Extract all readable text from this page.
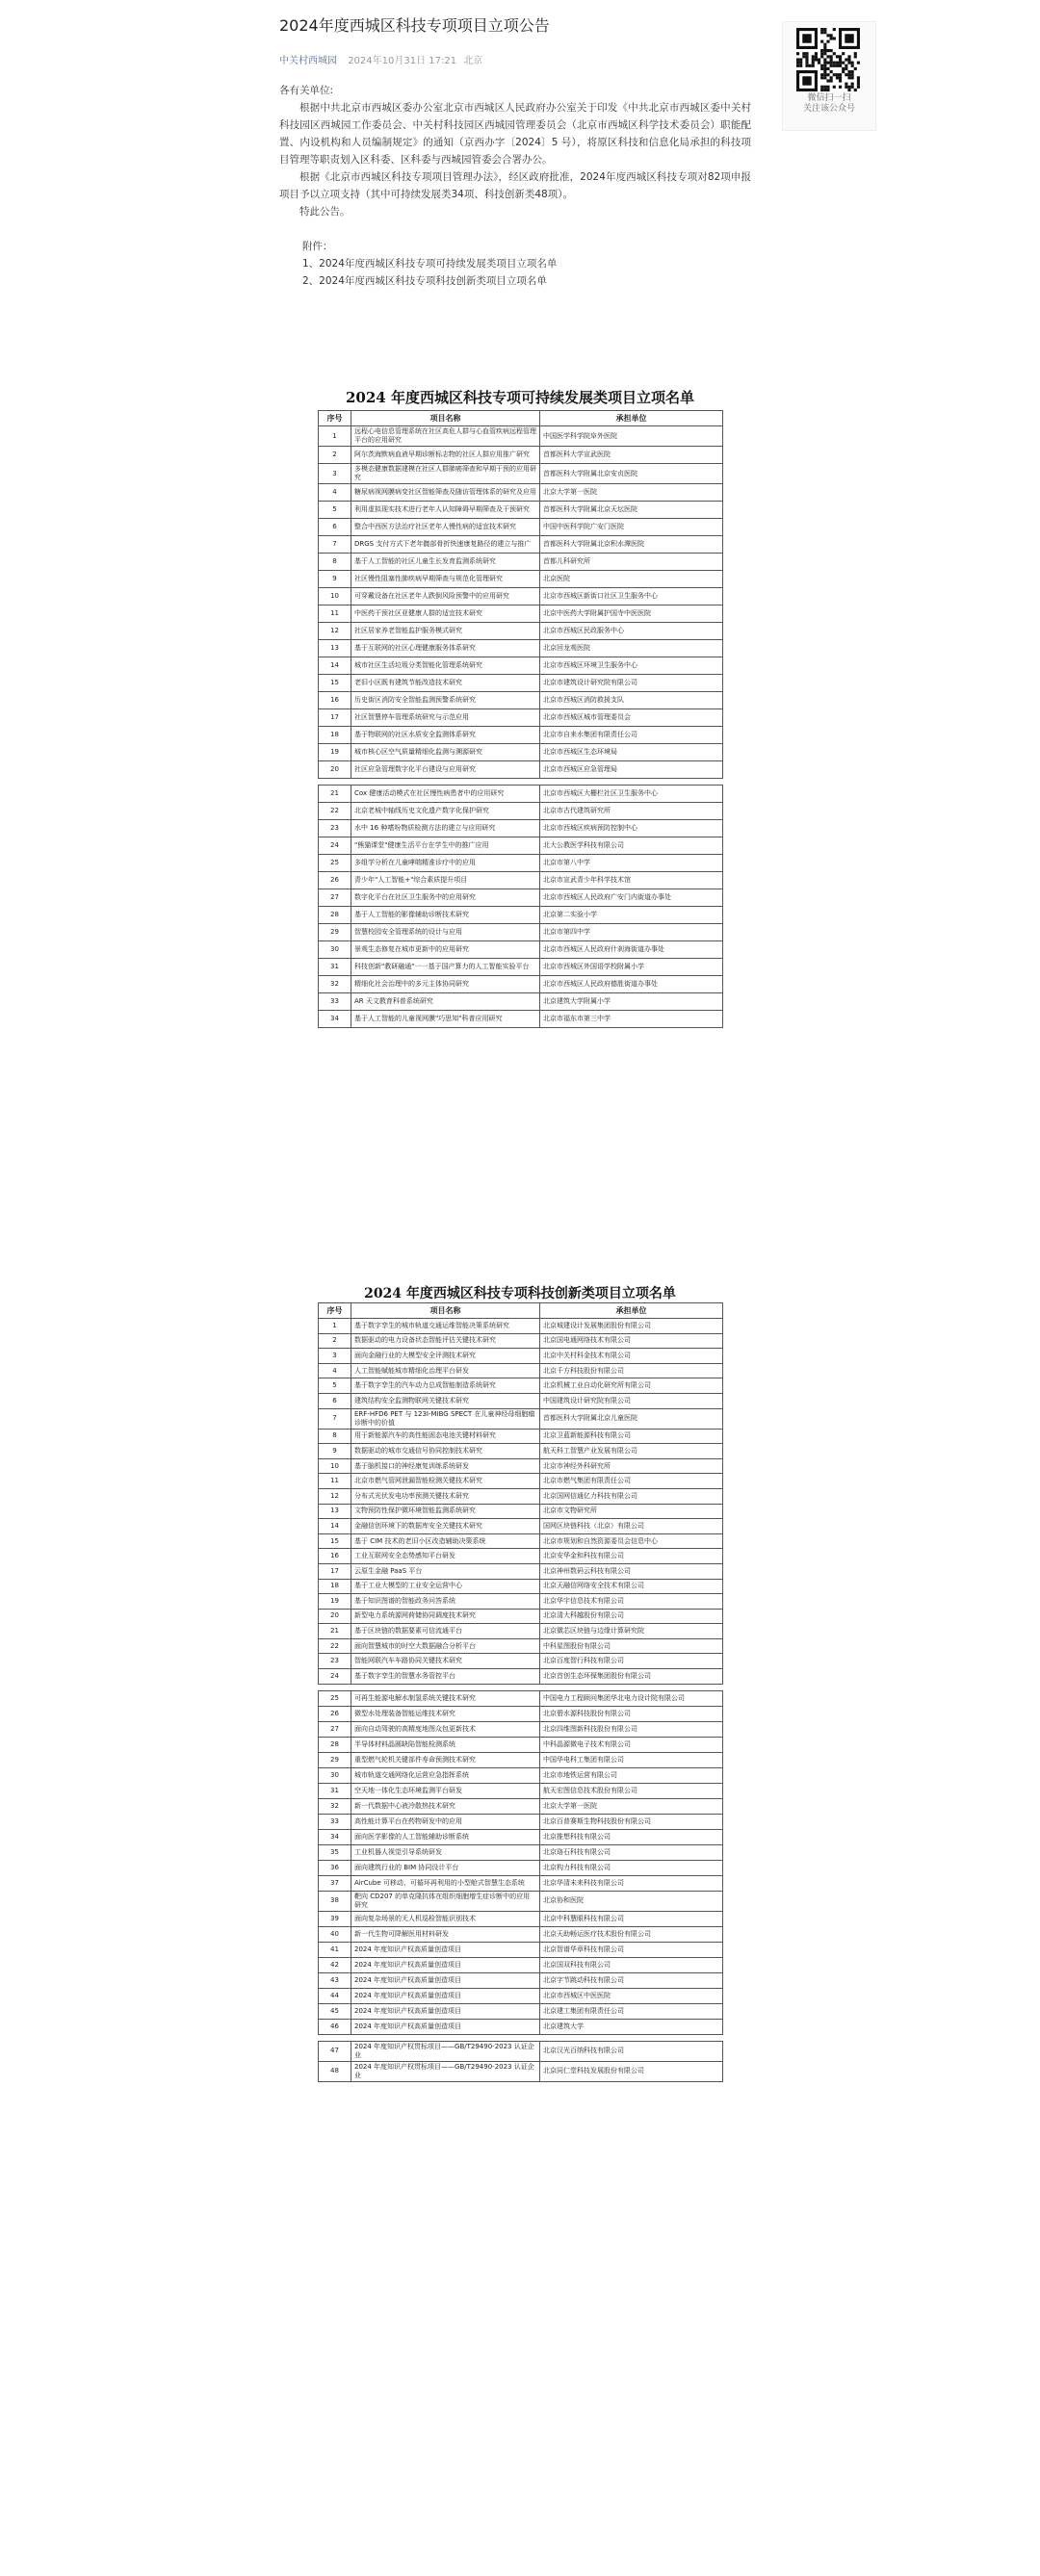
2024年度西城区科技专项项目立项公告
中关村西城园 2024年10月31日 17:21 北京

各有关单位:

根据中共北京市西城区委办公室北京市西城区人民政府办公室关于印发《中共北京市西城区委中关村科技园区西城园工作委员会、中关村科技园区西城园管理委员会（北京市西城区科学技术委员会）职能配置、内设机构和人员编制规定》的通知（京西办字〔2024〕5 号），将原区科技和信息化局承担的科技项目管理等职责划入区科委、区科委与西城园管委会合署办公。

根据《北京市西城区科技专项项目管理办法》，经区政府批准，2024年度西城区科技专项对82项申报项目予以立项支持（其中可持续发展类34项、科技创新类48项）。

特此公告。

附件：
1、2024年度西城区科技专项可持续发展类项目立项名单
2、2024年度西城区科技专项科技创新类项目立项名单
微信扫一扫
关注该公众号
2024 年度西城区科技专项可持续发展类项目立项名单
序号	项目名称	承担单位
1	远程心电信息管理系统在社区高危人群与心血管疾病远程管理平台的应用研究	中国医学科学院阜外医院
2	阿尔茨海默病血液早期诊断标志物的社区人群应用推广研究	首都医科大学宣武医院
3	多模态健康数据建模在社区人群肺癌筛查和早期干预的应用研究	首都医科大学附属北京安贞医院
4	糖尿病视网膜病变社区智能筛查及随访管理体系的研究及应用	北京大学第一医院
5	利用虚拟现实技术进行老年人认知障碍早期筛查及干预研究	首都医科大学附属北京天坛医院
6	整合中西医方法治疗社区老年人慢性病的适宜技术研究	中国中医科学院广安门医院
7	DRGS 支付方式下老年髋部骨折快速康复路径的建立与推广	首都医科大学附属北京积水潭医院
8	基于人工智能的社区儿童生长发育监测系统研究	首都儿科研究所
9	社区慢性阻塞性肺疾病早期筛查与规范化管理研究	北京医院
10	可穿戴设备在社区老年人跌倒风险预警中的应用研究	北京市西城区新街口社区卫生服务中心
11	中医药干预社区亚健康人群的适宜技术研究	北京中医药大学附属护国寺中医医院
12	社区居家养老智能监护服务模式研究	北京市西城区民政服务中心
13	基于互联网的社区心理健康服务体系研究	北京回龙观医院
14	城市社区生活垃圾分类智能化管理系统研究	北京市西城区环境卫生服务中心
15	老旧小区既有建筑节能改造技术研究	北京市建筑设计研究院有限公司
16	历史街区消防安全智能监测预警系统研究	北京市西城区消防救援支队
17	社区智慧停车管理系统研究与示范应用	北京市西城区城市管理委员会
18	基于物联网的社区水质安全监测体系研究	北京市自来水集团有限责任公司
19	城市核心区空气质量精细化监测与溯源研究	北京市西城区生态环境局
20	社区应急管理数字化平台建设与应用研究	北京市西城区应急管理局

21	Cox 健康活动模式在社区慢性病患者中的应用研究	北京市西城区大栅栏社区卫生服务中心
22	北京老城中轴线历史文化遗产数字化保护研究	北京市古代建筑研究所
23	水中 16 种嗜吩物质检测方法的建立与应用研究	北京市西城区疾病预防控制中心
24	"熊猫课堂"健康生活平台在学生中的推广应用	北大公教医学科技有限公司
25	多组学分析在儿童哮喘精准诊疗中的应用	北京市第八中学
26	青少年"人工智能+"综合素质提升项目	北京市宣武青少年科学技术馆
27	数字化平台在社区卫生服务中的应用研究	北京市西城区人民政府广安门内街道办事处
28	基于人工智能的影像辅助诊断技术研究	北京第二实验小学
29	智慧校园安全管理系统的设计与应用	北京市第四中学
30	景观生态修复在城市更新中的应用研究	北京市西城区人民政府什刹海街道办事处
31	科技创新"教研融通"一一基于国产算力的人工智能实验平台	北京市西城区外国语学校附属小学
32	精细化社会治理中的多元主体协同研究	北京市西城区人民政府德胜街道办事处
33	AR 天文教育科普系统研究	北京建筑大学附属小学
34	基于人工智能的儿童视网膜"巧思知"科普应用研究	北京市福东市第三中学
2024 年度西城区科技专项科技创新类项目立项名单
序号	项目名称	承担单位
1	基于数字孪生的城市轨道交通运维智能决策系统研究	北京城建设计发展集团股份有限公司
2	数据驱动的电力设备状态智能评估关键技术研究	北京国电通网络技术有限公司
3	面向金融行业的大模型安全评测技术研究	北京中关村科金技术有限公司
4	人工智能赋能城市精细化治理平台研发	北京千方科技股份有限公司
5	基于数字孪生的汽车动力总成智能制造系统研究	北京机械工业自动化研究所有限公司
6	建筑结构安全监测物联网关键技术研究	中国建筑设计研究院有限公司
7	ERF-HFD6 PET 与 123I-MIBG SPECT 在儿童神经母细胞瘤诊断中的价值	首都医科大学附属北京儿童医院
8	用于新能源汽车的高性能固态电池关键材料研究	北京卫蓝新能源科技有限公司
9	数据驱动的城市交通信号协同控制技术研究	航天科工智慧产业发展有限公司
10	基于脑机接口的神经康复训练系统研发	北京市神经外科研究所
11	北京市燃气管网泄漏智能检测关键技术研究	北京市燃气集团有限责任公司
12	分布式光伏发电功率预测关键技术研究	北京国网信通亿力科技有限公司
13	文物预防性保护微环境智能监测系统研究	北京市文物研究所
14	金融信创环境下的数据库安全关键技术研究	国网区块链科技（北京）有限公司
15	基于 CIM 技术的老旧小区改造辅助决策系统	北京市规划和自然资源委员会信息中心
16	工业互联网安全态势感知平台研发	北京安华金和科技有限公司
17	云原生金融 PaaS 平台	北京神州数码云科技有限公司
18	基于工业大模型的工业安全运营中心	北京天融信网络安全技术有限公司
19	基于知识图谱的智能政务问答系统	北京华宇信息技术有限公司
20	新型电力系统源网荷储协同调度技术研究	北京清大科越股份有限公司
21	基于区块链的数据要素可信流通平台	北京微芯区块链与边缘计算研究院
22	面向智慧城市的时空大数据融合分析平台	中科星图股份有限公司
23	智能网联汽车车路协同关键技术研究	北京百度智行科技有限公司
24	基于数字孪生的智慧水务管控平台	北京首创生态环保集团股份有限公司

25	可再生能源电解水制氢系统关键技术研究	中国电力工程顾问集团华北电力设计院有限公司
26	微型水处理装备智能运维技术研究	北京碧水源科技股份有限公司
27	面向自动驾驶的高精度地图众包更新技术	北京四维图新科技股份有限公司
28	半导体材料晶圆缺陷智能检测系统	中科晶源微电子技术有限公司
29	重型燃气轮机关键部件寿命预测技术研究	中国华电科工集团有限公司
30	城市轨道交通网络化运营应急指挥系统	北京市地铁运营有限公司
31	空天地一体化生态环境监测平台研发	航天宏图信息技术股份有限公司
32	新一代数据中心液冷散热技术研究	北京大学第一医院
33	高性能计算平台在药物研发中的应用	北京百普赛斯生物科技股份有限公司
34	面向医学影像的人工智能辅助诊断系统	北京推想科技有限公司
35	工业机器人视觉引导系统研发	北京珞石科技有限公司
36	面向建筑行业的 BIM 协同设计平台	北京构力科技有限公司
37	AirCube 可移动、可循环再利用的小型舱式智慧生态系统	北京华清未来科技有限公司
38	靶向 CD207 的单克隆抗体在组织细胞增生症诊断中的应用研究	北京协和医院
39	面向复杂场景的无人机巡检智能识别技术	北京中科慧眼科技有限公司
40	新一代生物可降解医用材料研发	北京天助畅运医疗技术股份有限公司
41	2024 年度知识产权高质量创造项目	北京智谱华章科技有限公司
42	2024 年度知识产权高质量创造项目	北京国双科技有限公司
43	2024 年度知识产权高质量创造项目	北京字节跳动科技有限公司
44	2024 年度知识产权高质量创造项目	北京市西城区中医医院
45	2024 年度知识产权高质量创造项目	北京建工集团有限责任公司
46	2024 年度知识产权高质量创造项目	北京建筑大学

47	2024 年度知识产权贯标项目——GB/T29490-2023 认证企业	北京汉光百纳科技有限公司
48	2024 年度知识产权贯标项目——GB/T29490-2023 认证企业	北京同仁堂科技发展股份有限公司
